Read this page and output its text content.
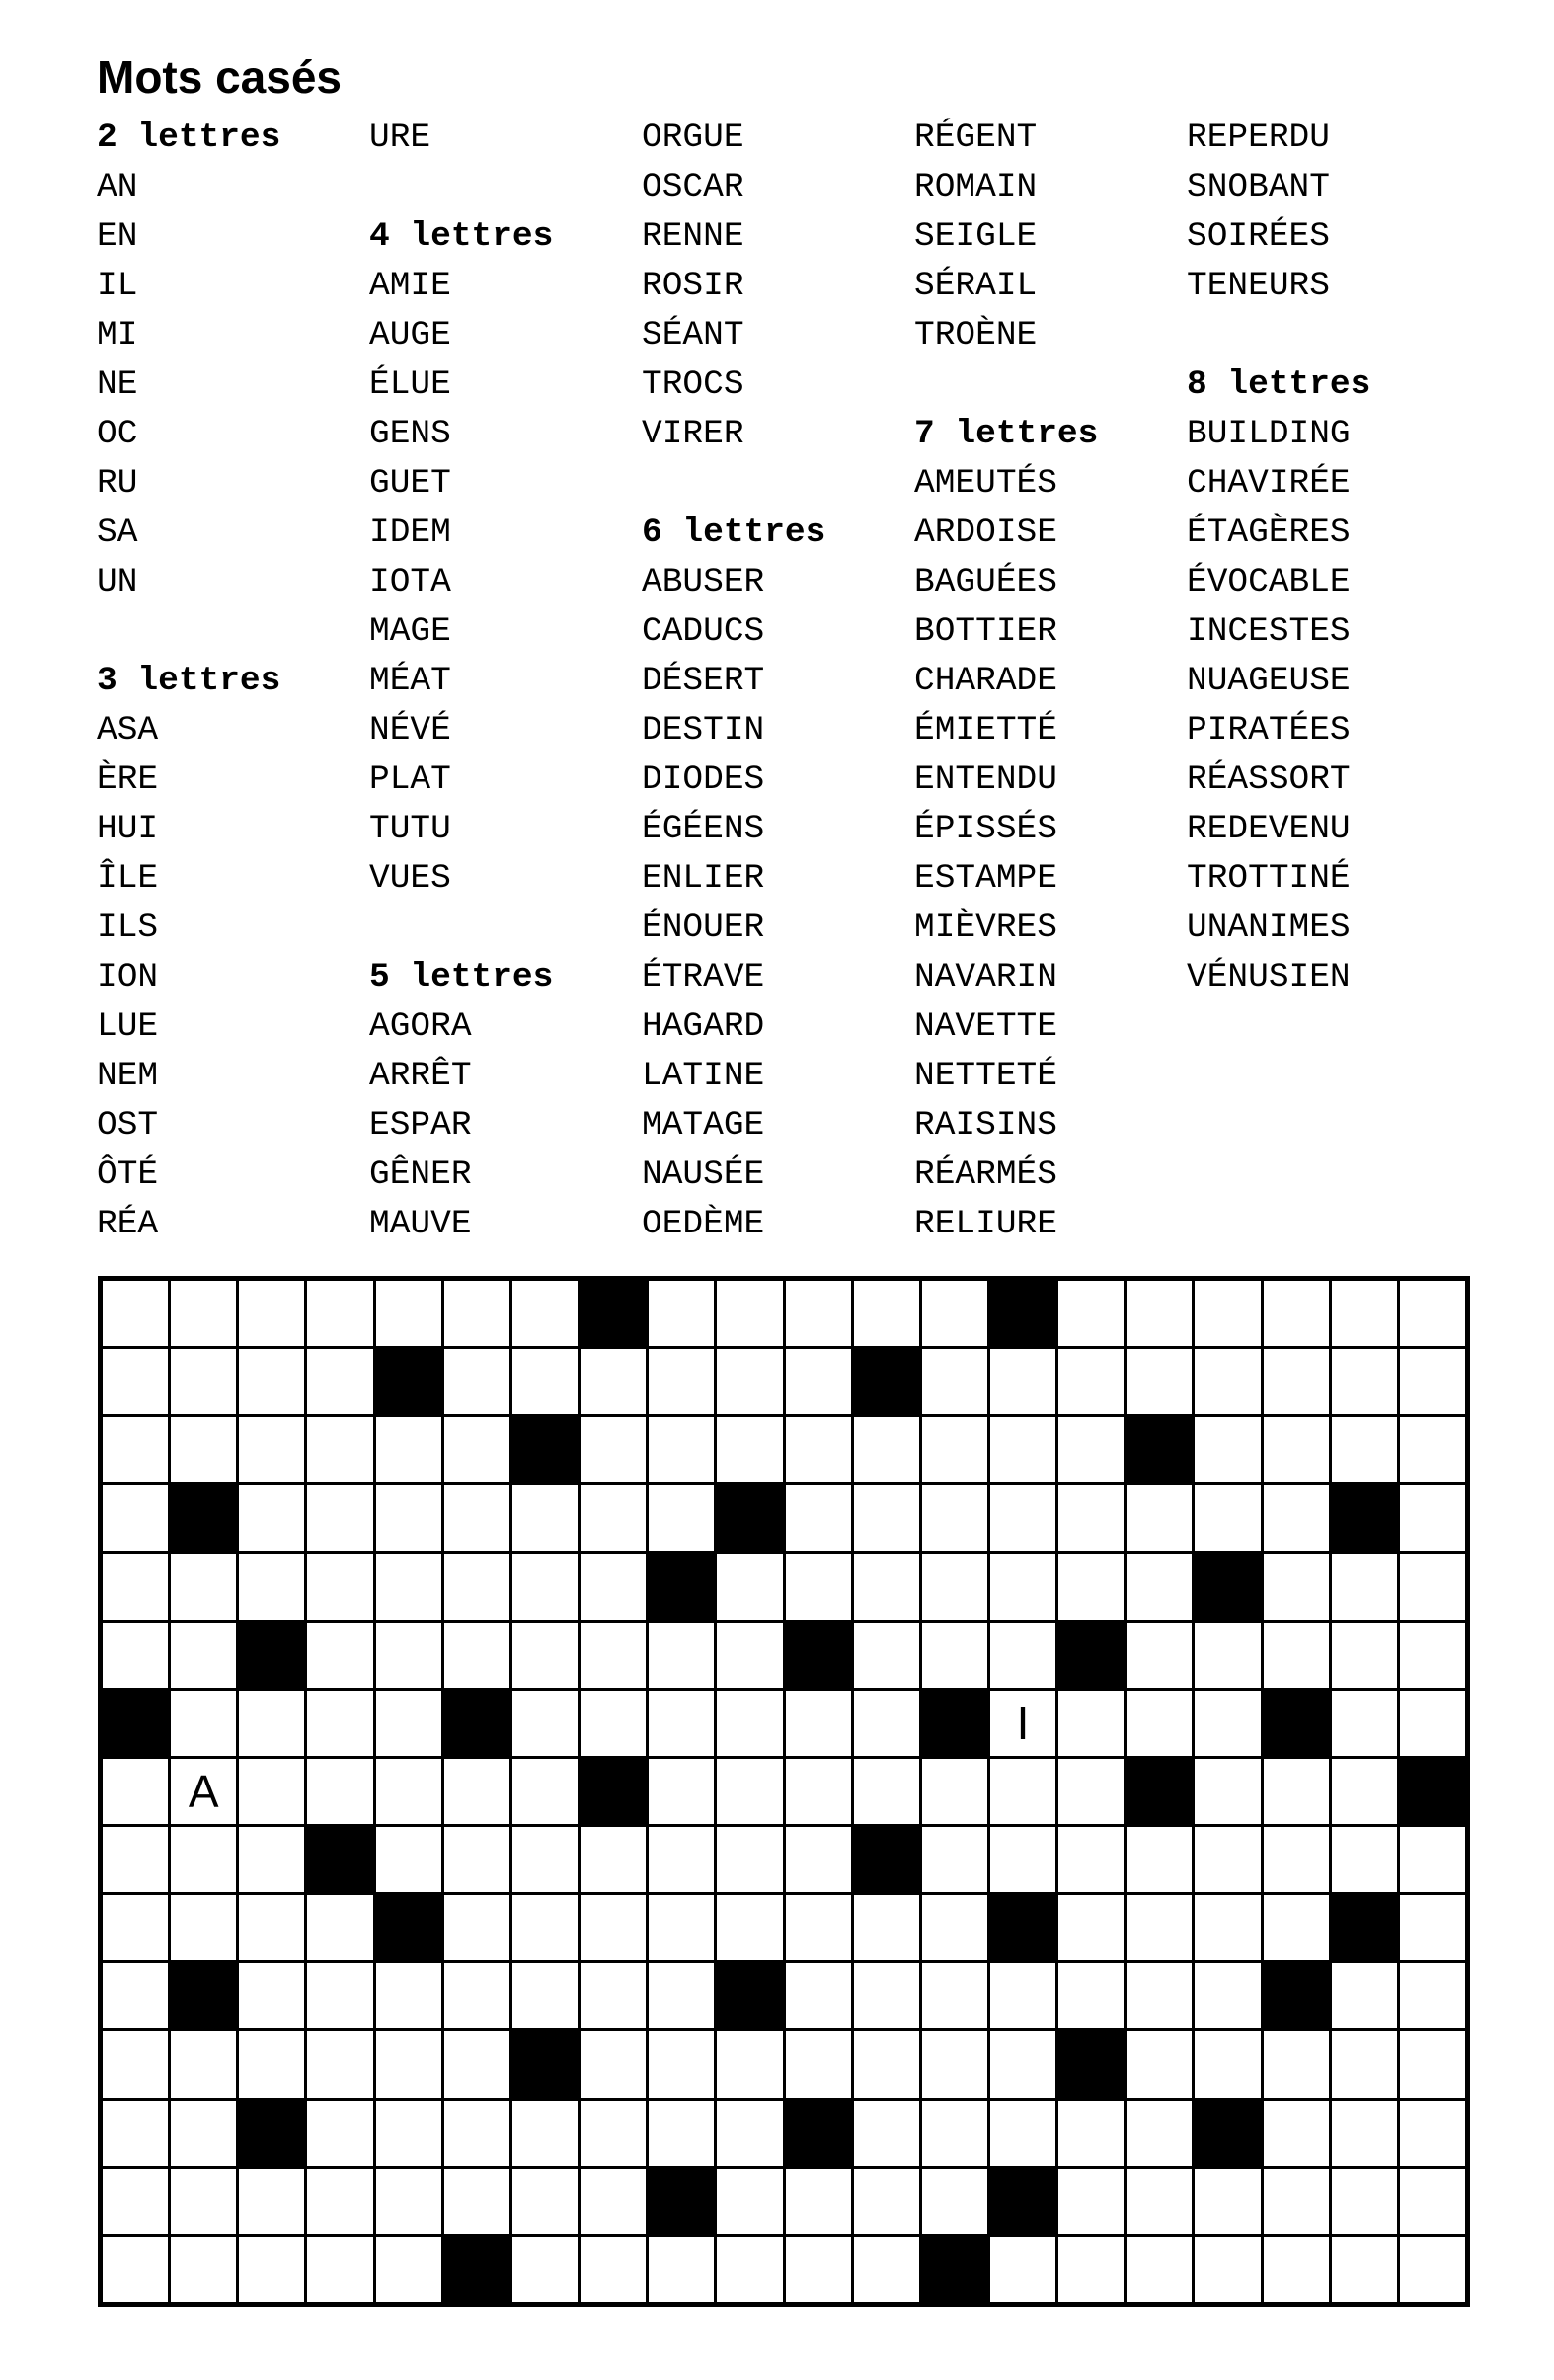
Mots casés
2 lettres
AN
EN
IL
MI
NE
OC
RU
SA
UN
3 lettres
ASA
ÈRE
HUI
ÎLE
ILS
ION
LUE
NEM
OST
ÔTÉ
RÉA
URE
4 lettres
AMIE
AUGE
ÉLUE
GENS
GUET
IDEM
IOTA
MAGE
MÉAT
NÉVÉ
PLAT
TUTU
VUES
5 lettres
AGORA
ARRÊT
ESPAR
GÊNER
MAUVE
ORGUE
OSCAR
RENNE
ROSIR
SÉANT
TROCS
VIRER
6 lettres
ABUSER
CADUCS
DÉSERT
DESTIN
DIODES
ÉGÉENS
ENLIER
ÉNOUER
ÉTRAVE
HAGARD
LATINE
MATAGE
NAUSÉE
OEDÈME
RÉGENT
ROMAIN
SEIGLE
SÉRAIL
TROÈNE
7 lettres
AMEUTÉS
ARDOISE
BAGUÉES
BOTTIER
CHARADE
ÉMIETTÉ
ENTENDU
ÉPISSÉS
ESTAMPE
MIÈVRES
NAVARIN
NAVETTE
NETTETÉ
RAISINS
RÉARMÉS
RELIURE
REPERDU
SNOBANT
SOIRÉES
TENEURS
8 lettres
BUILDING
CHAVIRÉE
ÉTAGÈRES
ÉVOCABLE
INCESTES
NUAGEUSE
PIRATÉES
RÉASSORT
REDEVENU
TROTTINÉ
UNANIMES
VÉNUSIEN
I
A
